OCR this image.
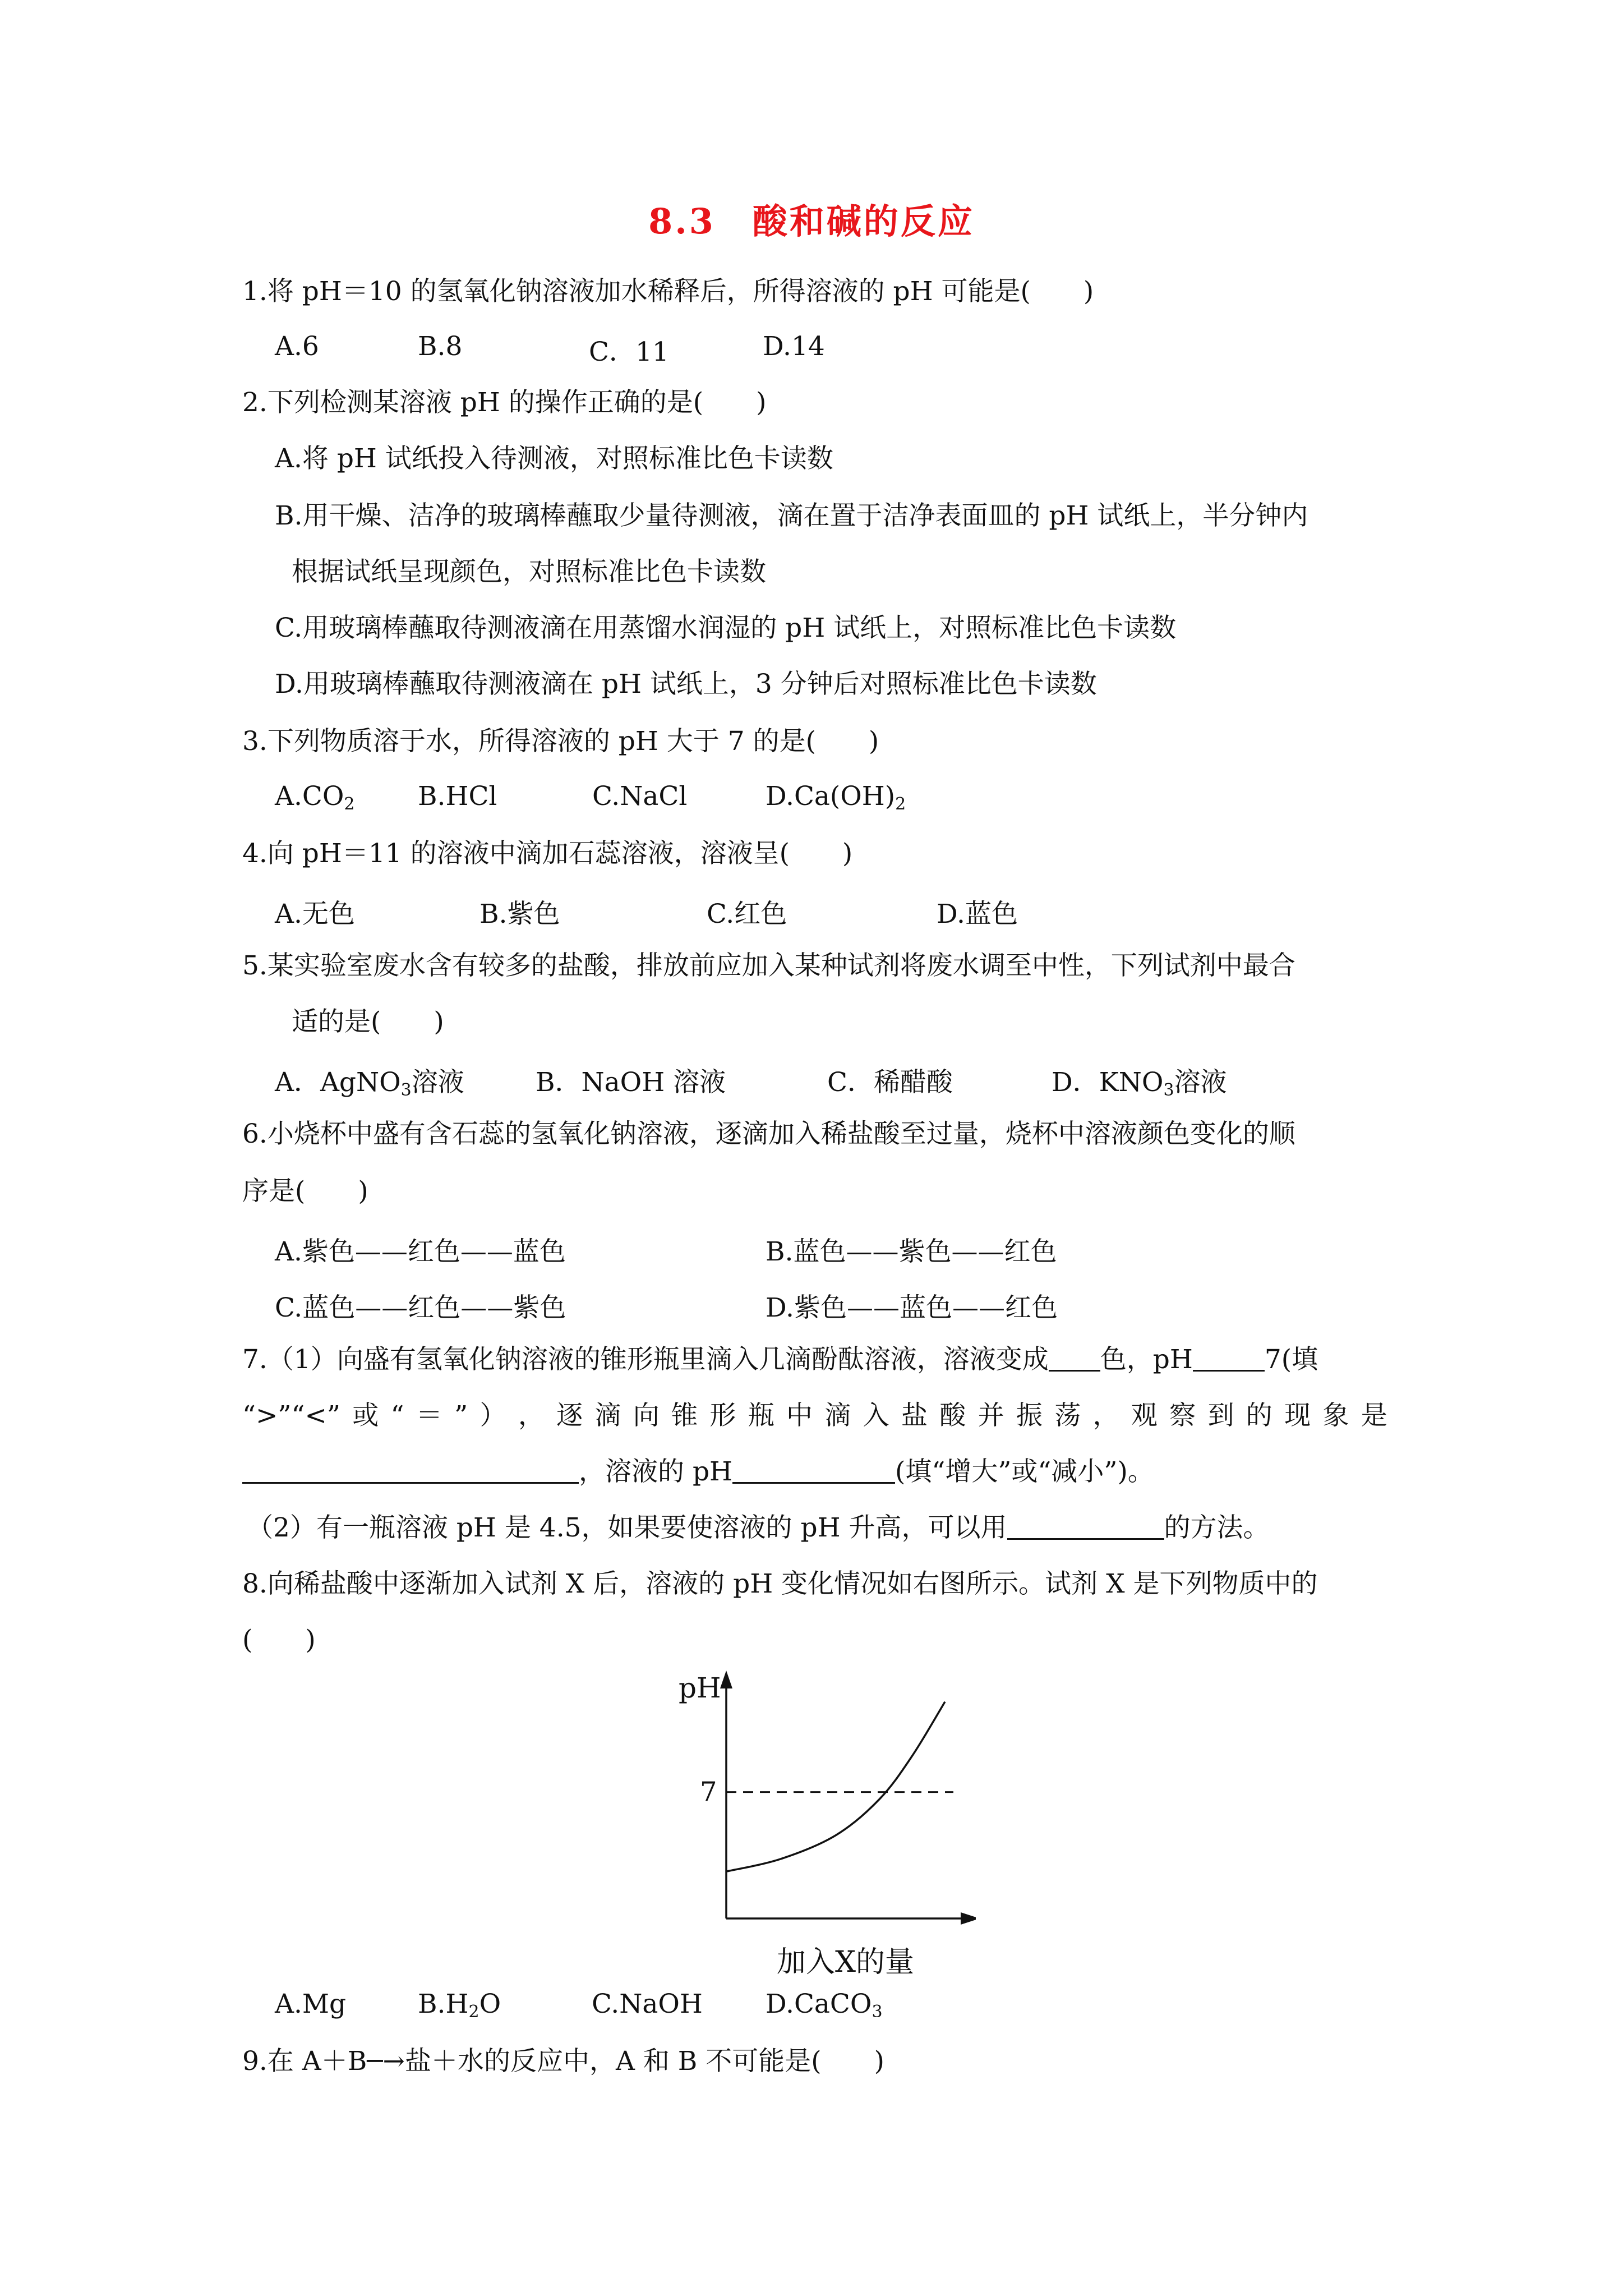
8.3　酸和碱的反应
1.将 pH＝10 的氢氧化钠溶液加水稀释后，所得溶液的 pH 可能是(　　)
A.6	B.8	C．11	D.14
2.下列检测某溶液 pH 的操作正确的是(　　)
A.将 pH 试纸投入待测液，对照标准比色卡读数
B.用干燥、洁净的玻璃棒蘸取少量待测液，滴在置于洁净表面皿的 pH 试纸上，半分钟内
根据试纸呈现颜色，对照标准比色卡读数
C.用玻璃棒蘸取待测液滴在用蒸馏水润湿的 pH 试纸上，对照标准比色卡读数
D.用玻璃棒蘸取待测液滴在 pH 试纸上，3 分钟后对照标准比色卡读数
3.下列物质溶于水，所得溶液的 pH 大于 7 的是(　　)
$A.CO_2$ B.HCl	C.NaCl	$D.Ca(OH)_2$
4.向 pH＝11 的溶液中滴加石蕊溶液，溶液呈(　　)
A.无色	B.紫色	C.红色	D.蓝色
5.某实验室废水含有较多的盐酸，排放前应加入某种试剂将废水调至中性，下列试剂中最合
适的是(　　)
A．AgNO$_3$溶液	B．NaOH 溶液	C．稀醋酸	D．$KNO_3$溶液
6.小烧杯中盛有含石蕊的氢氧化钠溶液，逐滴加入稀盐酸至过量，烧杯中溶液颜色变化的顺
序是(　　)
A.紫色——红色——蓝色	B.蓝色——紫色——红色
C.蓝色——红色——紫色	D.紫色——蓝色——红色
7.（1）向盛有氢氧化钠溶液的锥形瓶里滴入几滴酚酞溶液，溶液变成 色，pH	7(填
“>”“<” 或 “ ＝ ” ） ， 逐 滴 向 锥 形 瓶 中 滴 入 盐 酸 并 振 荡 ， 观 察 到 的 现 象 是
，溶液的 pH	(填“增大”或“减小”)。
（2）有一瓶溶液 pH 是 4.5，如果要使溶液的 pH 升高，可以用	的方法。
8.向稀盐酸中逐渐加入试剂 X 后，溶液的 pH 变化情况如右图所示。试剂 X 是下列物质中的
(　　)
pH
7
加入X的量
A.Mg	$B.H_2O$	C.NaOH D.CaCO$_3$
9.在 A＋B─→盐＋水的反应中，A 和 B 不可能是(　　)
